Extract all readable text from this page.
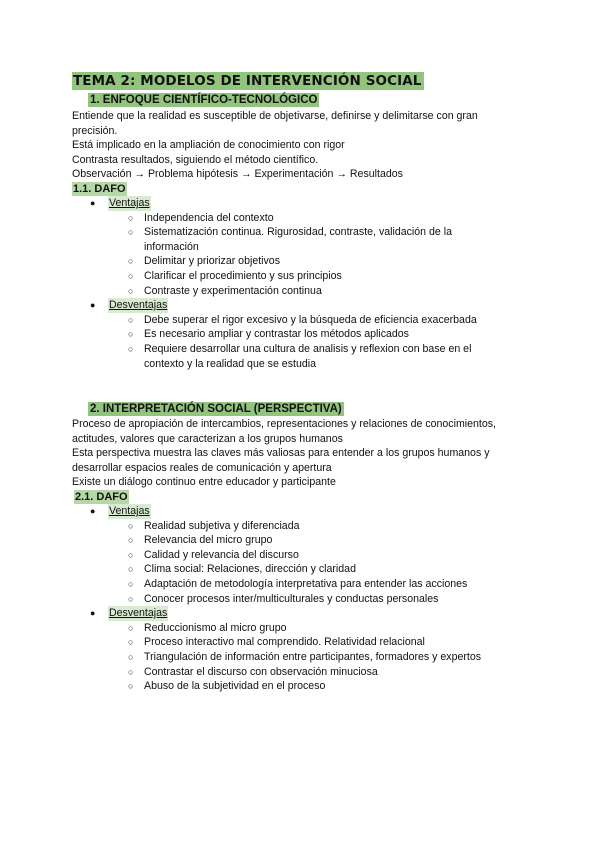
TEMA 2: MODELOS DE INTERVENCIÓN SOCIAL
1. ENFOQUE CIENTÍFICO-TECNOLÓGICO

Entiende que la realidad es susceptible de objetivarse, definirse y delimitarse con gran precisión.

Está implicado en la ampliación de conocimiento con rigor

Contrasta resultados, siguiendo el método científico.

Observación → Problema hipótesis → Experimentación → Resultados

1.1. DAFO
●	Ventajas
○ Independencia del contexto
○ Sistematización continua. Rigurosidad, contraste, validación de la información
○ Delimitar y priorizar objetivos
○ Clarificar el procedimiento y sus principios
○ Contraste y experimentación continua
●	Desventajas
○ Debe superar el rigor excesivo y la búsqueda de eficiencia exacerbada
○ Es necesario ampliar y contrastar los métodos aplicados
○ Requiere desarrollar una cultura de analisis y reflexion con base en el contexto y la realidad que se estudia
2. INTERPRETACIÓN SOCIAL (PERSPECTIVA)

Proceso de apropiación de intercambios, representaciones y relaciones de conocimientos, actitudes, valores que caracterizan a los grupos humanos

Esta perspectiva muestra las claves más valiosas para entender a los grupos humanos y desarrollar espacios reales de comunicación y apertura

Existe un diálogo continuo entre educador y participante

2.1. DAFO
●	Ventajas
○ Realidad subjetiva y diferenciada
○ Relevancia del micro grupo
○ Calidad y relevancia del discurso
○ Clima social: Relaciones, dirección y claridad
○ Adaptación de metodología interpretativa para entender las acciones
○ Conocer procesos inter/multiculturales y conductas personales
●	Desventajas
○ Reduccionismo al micro grupo
○ Proceso interactivo mal comprendido. Relatividad relacional
○ Triangulación de información entre participantes, formadores y expertos
○ Contrastar el discurso con observación minuciosa
○ Abuso de la subjetividad en el proceso
